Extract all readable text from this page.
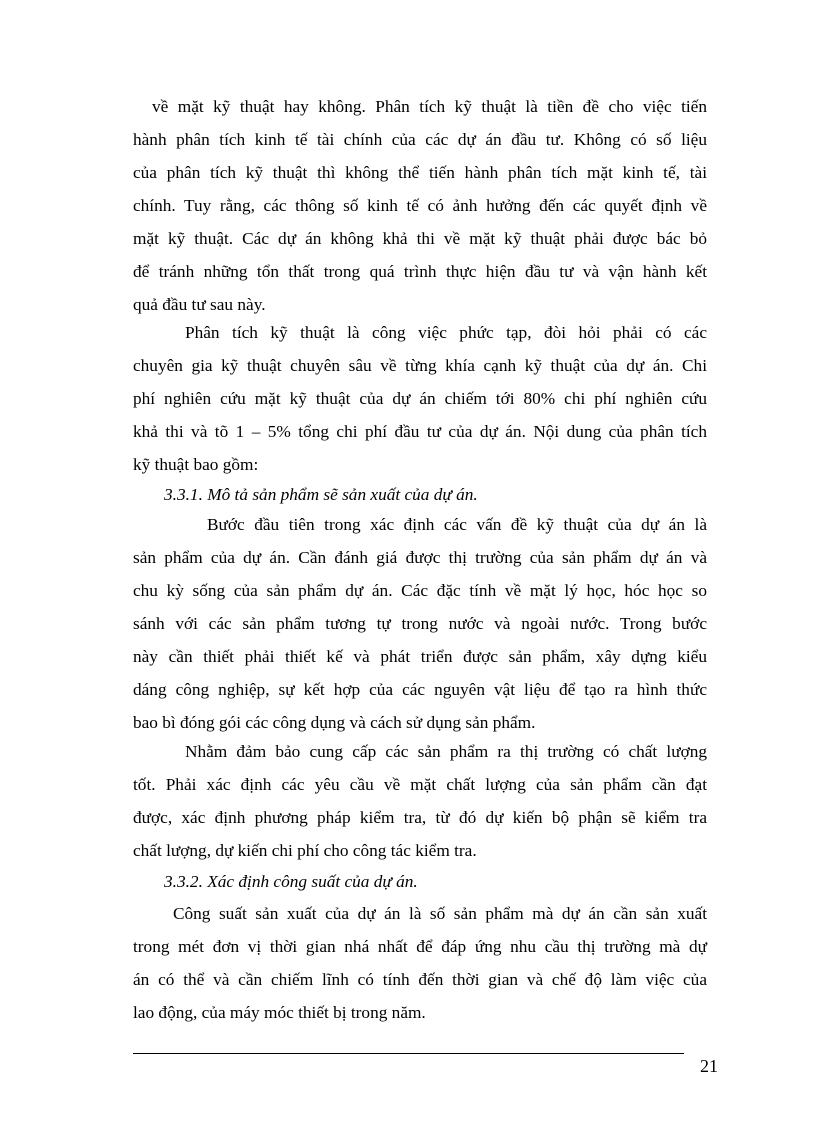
về mặt kỹ thuật hay không. Phân tích kỹ thuật là tiền đề cho việc tiến
hành phân tích kinh tế tài chính của các dự án đầu tư. Không có số liệu
của phân tích kỹ thuật thì không thể tiến hành phân tích mặt kinh tế, tài
chính. Tuy rằng, các thông số kinh tế có ảnh hưởng đến các quyết định về
mặt kỹ thuật. Các dự án không khả thi về mặt kỹ thuật phải được bác bỏ
để tránh những tổn thất trong quá trình thực hiện đầu tư và vận hành kết
quả đầu tư sau này.
Phân tích kỹ thuật là công việc phức tạp, đòi hỏi phải có các
chuyên gia kỹ thuật chuyên sâu về từng khía cạnh kỹ thuật của dự án. Chi
phí nghiên cứu mặt kỹ thuật của dự án chiếm tới 80% chi phí nghiên cứu
khả thi và tõ 1 – 5% tổng chi phí đầu tư của dự án. Nội dung của phân tích
kỹ thuật bao gồm:
3.3.1. Mô tả sản phẩm sẽ sản xuất của dự án.
Bước đầu tiên trong xác định các vấn đề kỹ thuật của dự án là
sản phẩm của dự án. Cần đánh giá được thị trường của sản phẩm dự án và
chu kỳ sống của sản phẩm dự án. Các đặc tính về mặt lý học, hóc học so
sánh với các sản phẩm tương tự trong nước và ngoài nước. Trong bước
này cần thiết phải thiết kế và phát triển được sản phẩm, xây dựng kiểu
dáng công nghiệp, sự kết hợp của các nguyên vật liệu để tạo ra hình thức
bao bì đóng gói các công dụng và cách sử dụng sản phẩm.
Nhằm đảm bảo cung cấp các sản phẩm ra thị trường có chất lượng
tốt. Phải xác định các yêu cầu về mặt chất lượng của sản phẩm cần đạt
được, xác định phương pháp kiểm tra, từ đó dự kiến bộ phận sẽ kiểm tra
chất lượng, dự kiến chi phí cho công tác kiểm tra.
3.3.2. Xác định công suất của dự án.
Công suất sản xuất của dự án là số sản phẩm mà dự án cần sản xuất
trong mét đơn vị thời gian nhá nhất để đáp ứng nhu cầu thị trường mà dự
án có thể và cần chiếm lĩnh có tính đến thời gian và chế độ làm việc của
lao động, của máy móc thiết bị trong năm.
21
